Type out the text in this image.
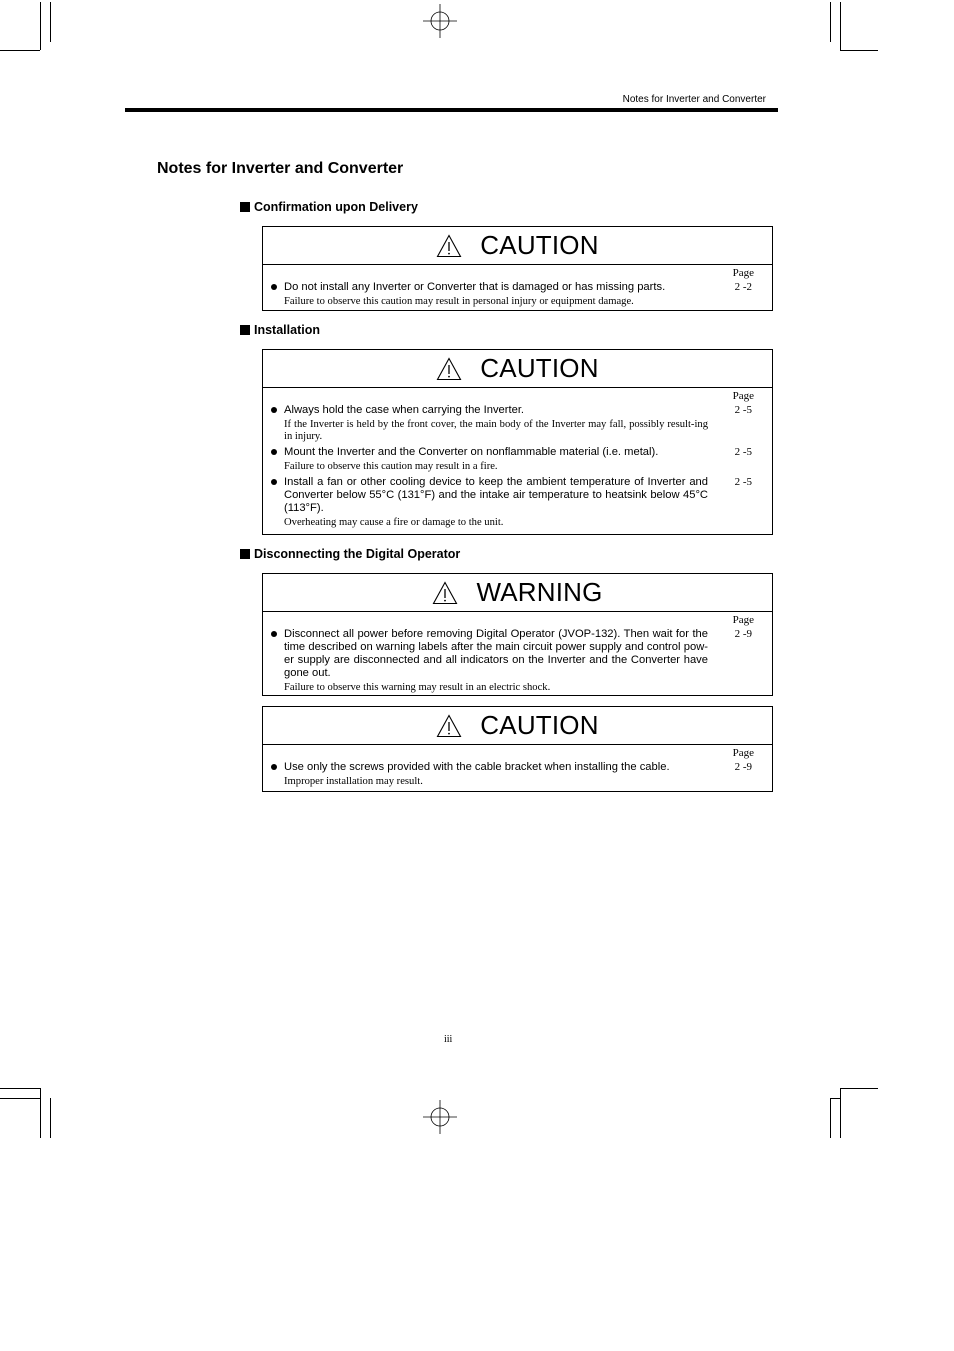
Notes for Inverter and Converter
Notes for Inverter and Converter
Confirmation upon Delivery
CAUTION
Page
Do not install any Inverter or Converter that is damaged or has missing parts.
Failure to observe this caution may result in personal injury or equipment damage.
2 -2
Installation
CAUTION
Page
Always hold the case when carrying the Inverter.
If the Inverter is held by the front cover, the main body of the Inverter may fall, possibly result-ing in injury.
2 -5
Mount the Inverter and the Converter on nonflammable material (i.e. metal).
Failure to observe this caution may result in a fire.
2 -5
Install a fan or other cooling device to keep the ambient temperature of Inverter and Converter below 55°C (131°F) and the intake air temperature to heatsink below 45°C (113°F).
Overheating may cause a fire or damage to the unit.
2 -5
Disconnecting the Digital Operator
WARNING
Page
Disconnect all power before removing Digital Operator (JVOP-132). Then wait for the time described on warning labels after the main circuit power supply and control pow-er supply are disconnected and all indicators on the Inverter and the Converter have gone out.
Failure to observe this warning may result in an electric shock.
2 -9
CAUTION
Page
Use only the screws provided with the cable bracket when installing the cable.
Improper installation may result.
2 -9
iii
